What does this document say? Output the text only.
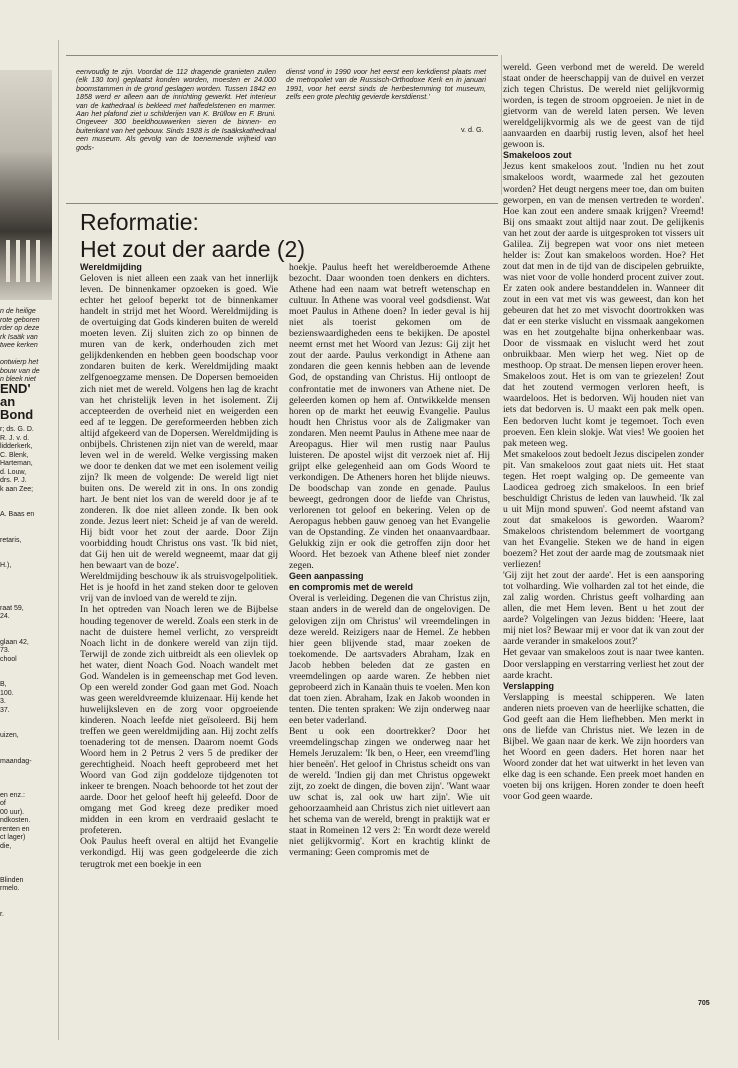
n de heilige
rote geboren
rder op deze
rk Isaäk van
twee kerken
ontwierp het
bouw van de
n bleek niet
END'
an
Bond
r; ds. G. D.
R. J. v. d.
lidderkerk,
C. Blenk,
Harteman,
d. Louw,
drs. P. J.
k aan Zee;
A. Baas en
retaris,
H.),
raat 59,
24.
glaan 42,
73.
chool
B,
100.
3.
37.
uizen,
maandag-
en enz.:
of
00 uur).
ndkosten.
renten en
ct lager)
die,
Blinden
rmelo.
r.
eenvoudig te zijn. Voordat de 112 dragende granieten zuilen (elk 130 ton) geplaatst konden worden, moesten er 24.000 boomstammen in de grond geslagen worden. Tussen 1842 en 1858 werd er alleen aan de inrichting gewerkt. Het interieur van de kathedraal is bekleed met halfedelstenen en marmer. Aan het plafond ziet u schilderijen van K. Brüllow en F. Bruni. Ongeveer 300 beeldhouwwerken sieren de binnen- en buitenkant van het gebouw. Sinds 1928 is de Isaäkskathedraal een museum. Als gevolg van de toenemende vrijheid van gods-
dienst vond in 1990 voor het eerst een kerkdienst plaats met de metropoliet van de Russisch-Orthodoxe Kerk en in januari 1991, voor het eerst sinds de herbestemming tot museum, zelfs een grote plechtig gevierde kerstdienst.'
v. d. G.
Reformatie:
Het zout der aarde (2)

Wereldmijding

Geloven is niet alleen een zaak van het innerlijk leven. De binnenkamer opzoeken is goed. Wie echter het geloof beperkt tot de binnenkamer handelt in strijd met het Woord. Wereldmijding is de overtuiging dat Gods kinderen buiten de wereld moeten leven. Zij sluiten zich zo op binnen de muren van de kerk, onderhouden zich met gelijkdenkenden en hebben geen boodschap voor zondaren buiten de kerk. Wereldmijding maakt zelfgenoegzame mensen. De Dopersen bemoeiden zich niet met de wereld. Volgens hen lag de kracht van het christelijk leven in het isolement. Zij accepteerden de overheid niet en weigerden een eed af te leggen. De gereformeerden hebben zich altijd afgekeerd van de Dopersen. Wereldmijding is onbijbels. Christenen zijn niet van de wereld, maar leven wel in de wereld. Welke vergissing maken we door te denken dat we met een isolement veilig zijn? Ik meen de volgende: De wereld ligt niet buiten ons. De wereld zit in ons. In ons zondig hart. Je bent niet los van de wereld door je af te zonderen. Ik doe niet alleen zonde. Ik ben ook zonde. Jezus leert niet: Scheid je af van de wereld. Hij bidt voor het zout der aarde. Door Zijn voorbidding houdt Christus ons vast. 'Ik bid niet, dat Gij hen uit de wereld wegneemt, maar dat gij hen bewaart van de boze'.

Wereldmijding beschouw ik als struisvogelpolitiek. Het is je hoofd in het zand steken door te geloven vrij van de invloed van de wereld te zijn.

In het optreden van Noach leren we de Bijbelse houding tegenover de wereld. Zoals een sterk in de nacht de duistere hemel verlicht, zo verspreidt Noach licht in de donkere wereld van zijn tijd. Terwijl de zonde zich uitbreidt als een olievlek op het water, dient Noach God. Noach wandelt met God. Wandelen is in gemeenschap met God leven. Op een wereld zonder God gaan met God. Noach was geen wereldvreemde kluizenaar. Hij kende het huwelijksleven en de zorg voor opgroeiende kinderen. Noach leefde niet geïsoleerd. Bij hem treffen we geen wereldmijding aan. Hij zocht zelfs toenadering tot de mensen. Daarom noemt Gods Woord hem in 2 Petrus 2 vers 5 de prediker der gerechtigheid. Noach heeft geprobeerd met het Woord van God zijn goddeloze tijdgenoten tot inkeer te brengen. Noach behoorde tot het zout der aarde. Door het geloof heeft hij geleefd. Door de omgang met God kreeg deze prediker moed midden in een krom en verdraaid geslacht te profeteren.

Ook Paulus heeft overal en altijd het Evangelie verkondigd. Hij was geen godgeleerde die zich terugtrok met een boekje in een

hoekje. Paulus heeft het wereldberoemde Athene bezocht. Daar woonden toen denkers en dichters. Athene had een naam wat betreft wetenschap en cultuur. In Athene was vooral veel godsdienst. Wat moet Paulus in Athene doen? In ieder geval is hij niet als toerist gekomen om de bezienswaardigheden eens te bekijken. De apostel neemt ernst met het Woord van Jezus: Gij zijt het zout der aarde. Paulus verkondigt in Athene aan zondaren die geen kennis hebben aan de levende God, de opstanding van Christus. Hij ontloopt de confrontatie met de inwoners van Athene niet. De geleerden komen op hem af. Ontwikkelde mensen horen op de markt het eeuwig Evangelie. Paulus houdt hen Christus voor als de Zaligmaker van zondaren. Men neemt Paulus in Athene mee naar de Areopagus. Hier wil men rustig naar Paulus luisteren. De apostel wijst dit verzoek niet af. Hij grijpt elke gelegenheid aan om Gods Woord te verkondigen. De Atheners horen het blijde nieuws. De boodschap van zonde en genade. Paulus beweegt, gedrongen door de liefde van Christus, verlorenen tot geloof en bekering. Velen op de Aeropagus hebben gauw genoeg van het Evangelie van de Opstanding. Ze vinden het onaanvaardbaar. Gelukkig zijn er ook die getroffen zijn door het Woord. Het bezoek van Athene bleef niet zonder zegen.

Geen aanpassing

en compromis met de wereld

Overal is verleiding. Degenen die van Christus zijn, staan anders in de wereld dan de ongelovigen. De gelovigen zijn om Christus' wil vreemdelingen in deze wereld. Reizigers naar de Hemel. Ze hebben hier geen blijvende stad, maar zoeken de toekomende. De aartsvaders Abraham, Izak en Jacob hebben beleden dat ze gasten en vreemdelingen op aarde waren. Ze hebben niet geprobeerd zich in Kanaän thuis te voelen. Men kon dat toen zien. Abraham, Izak en Jakob woonden in tenten. Die tenten spraken: We zijn onderweg naar een beter vaderland.

Bent u ook een doortrekker? Door het vreemdelingschap zingen we onderweg naar het Hemels Jeruzalem: 'Ik ben, o Heer, een vreemd'ling hier beneën'. Het geloof in Christus scheidt ons van de wereld. 'Indien gij dan met Christus opgewekt zijt, zo zoekt de dingen, die boven zijn'. 'Want waar uw schat is, zal ook uw hart zijn'. Wie uit gehoorzaamheid aan Christus zich niet uitlevert aan het schema van de wereld, brengt in praktijk wat er staat in Romeinen 12 vers 2: 'En wordt deze wereld niet gelijkvormig'. Kort en krachtig klinkt de vermaning: Geen compromis met de

wereld. Geen verbond met de wereld. De wereld staat onder de heerschappij van de duivel en verzet zich tegen Christus. De wereld niet gelijkvormig worden, is tegen de stroom opgroeien. Je niet in de gietvorm van de wereld laten persen. We leven wereldgelijkvormig als we de geest van de tijd aanvaarden en daarbij rustig leven, alsof het heel gewoon is.

Smakeloos zout

Jezus kent smakeloos zout. 'Indien nu het zout smakeloos wordt, waarmede zal het gezouten worden? Het deugt nergens meer toe, dan om buiten geworpen, en van de mensen vertreden te worden'. Hoe kan zout een andere smaak krijgen? Vreemd! Bij ons smaakt zout altijd naar zout. De gelijkenis van het zout der aarde is uitgesproken tot vissers uit Galilea. Zij begrepen wat voor ons niet meteen helder is: Zout kan smakeloos worden. Hoe? Het zout dat men in de tijd van de discipelen gebruikte, was niet voor de volle honderd procent zuiver zout. Er zaten ook andere bestanddelen in. Wanneer dit zout in een vat met vis was geweest, dan kon het gebeuren dat het zo met visvocht doortrokken was dat er een sterke vislucht en vissmaak aangekomen was en het zoutgehalte bijna onherkenbaar was. Door de vissmaak en vislucht werd het zout onbruikbaar. Men wierp het weg. Niet op de mesthoop. Op straat. De mensen liepen erover heen.

Smakeloos zout. Het is om van te griezelen! Zout dat het zoutend vermogen verloren heeft, is waardeloos. Het is bedorven. Wij houden niet van iets dat bedorven is. U maakt een pak melk open. Een bedorven lucht komt je tegemoet. Toch even proeven. Een klein slokje. Wat vies! We gooien het pak meteen weg.

Met smakeloos zout bedoelt Jezus discipelen zonder pit. Van smakeloos zout gaat niets uit. Het staat tegen. Het roept walging op. De gemeente van Laodicea gedroeg zich smakeloos. In een brief beschuldigt Christus de leden van lauwheid. 'Ik zal u uit Mijn mond spuwen'. God neemt afstand van zout dat smakeloos is geworden. Waarom? Smakeloos christendom belemmert de voortgang van het Evangelie. Steken we de hand in eigen boezem? Het zout der aarde mag de zoutsmaak niet verliezen!

'Gij zijt het zout der aarde'. Het is een aansporing tot volharding. Wie volharden zal tot het einde, die zal zalig worden. Christus geeft volharding aan allen, die met Hem leven. Bent u het zout der aarde? Volgelingen van Jezus bidden: 'Heere, laat mij niet los? Bewaar mij er voor dat ik van zout der aarde verander in smakeloos zout?'

Het gevaar van smakeloos zout is naar twee kanten. Door verslapping en verstarring verliest het zout der aarde kracht.

Verslapping

Verslapping is meestal schipperen. We laten anderen niets proeven van de heerlijke schatten, die God geeft aan die Hem liefhebben. Men merkt in ons de liefde van Christus niet. We lezen in de Bijbel. We gaan naar de kerk. We zijn hoorders van het Woord en geen daders. Het horen naar het Woord zonder dat het wat uitwerkt in het leven van elke dag is een schande. Een preek moet handen en voeten bij ons krijgen. Horen zonder te doen heeft voor God geen waarde.

705
